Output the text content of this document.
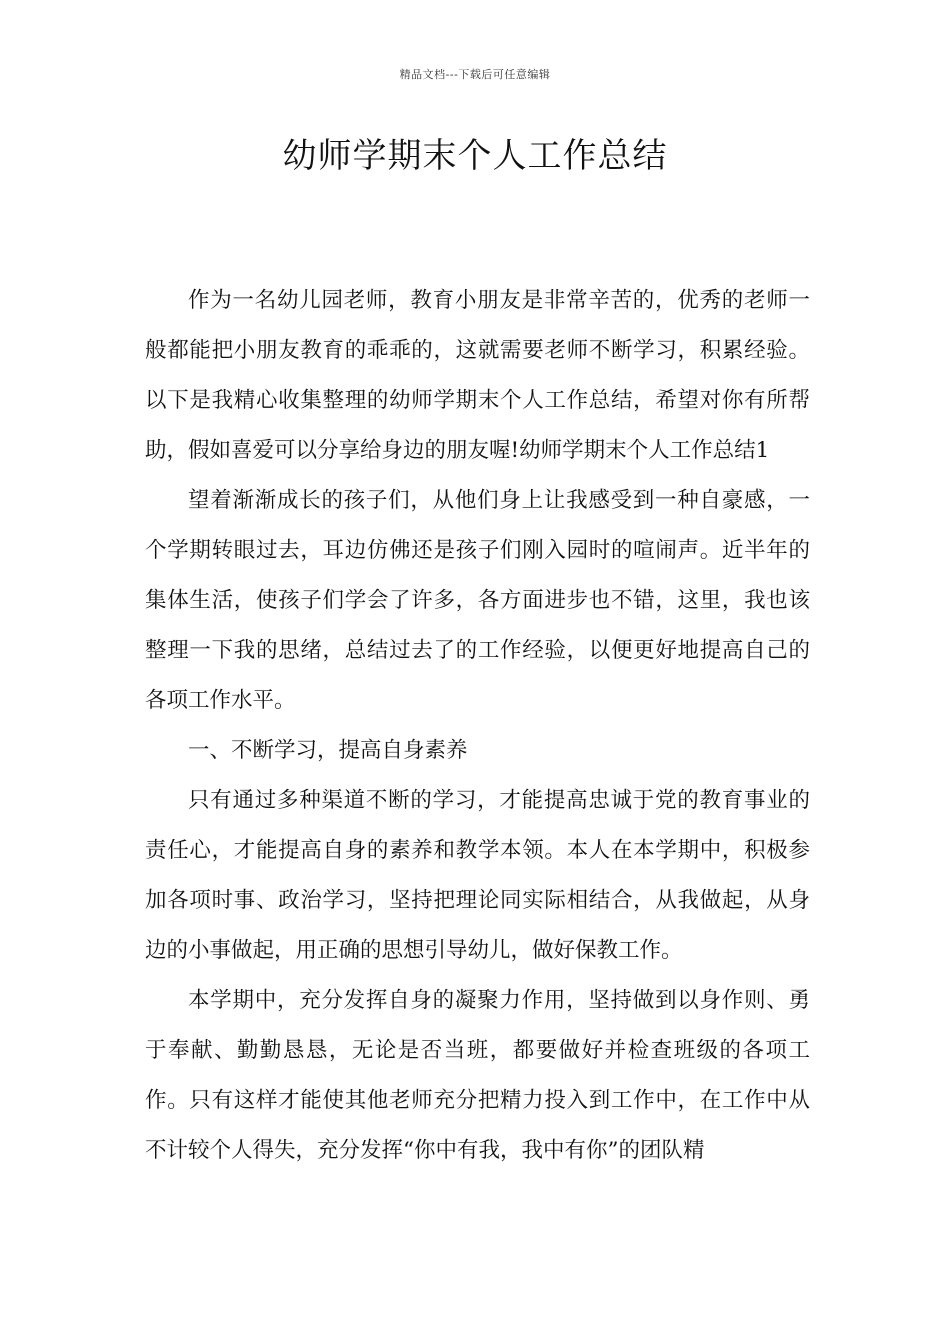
精品文档---下载后可任意编辑
幼师学期末个人工作总结

作为一名幼儿园老师，教育小朋友是非常辛苦的，优秀的老师一般都能把小朋友教育的乖乖的，这就需要老师不断学习，积累经验。以下是我精心收集整理的幼师学期末个人工作总结，希望对你有所帮助，假如喜爱可以分享给身边的朋友喔!幼师学期末个人工作总结1

望着渐渐成长的孩子们，从他们身上让我感受到一种自豪感，一个学期转眼过去，耳边仿佛还是孩子们刚入园时的喧闹声。近半年的集体生活，使孩子们学会了许多，各方面进步也不错，这里，我也该整理一下我的思绪，总结过去了的工作经验，以便更好地提高自己的各项工作水平。

一、不断学习，提高自身素养

只有通过多种渠道不断的学习，才能提高忠诚于党的教育事业的责任心，才能提高自身的素养和教学本领。本人在本学期中，积极参加各项时事、政治学习，坚持把理论同实际相结合，从我做起，从身边的小事做起，用正确的思想引导幼儿，做好保教工作。

本学期中，充分发挥自身的凝聚力作用，坚持做到以身作则、勇于奉献、勤勤恳恳，无论是否当班，都要做好并检查班级的各项工作。只有这样才能使其他老师充分把精力投入到工作中，在工作中从不计较个人得失，充分发挥“你中有我，我中有你”的团队精
